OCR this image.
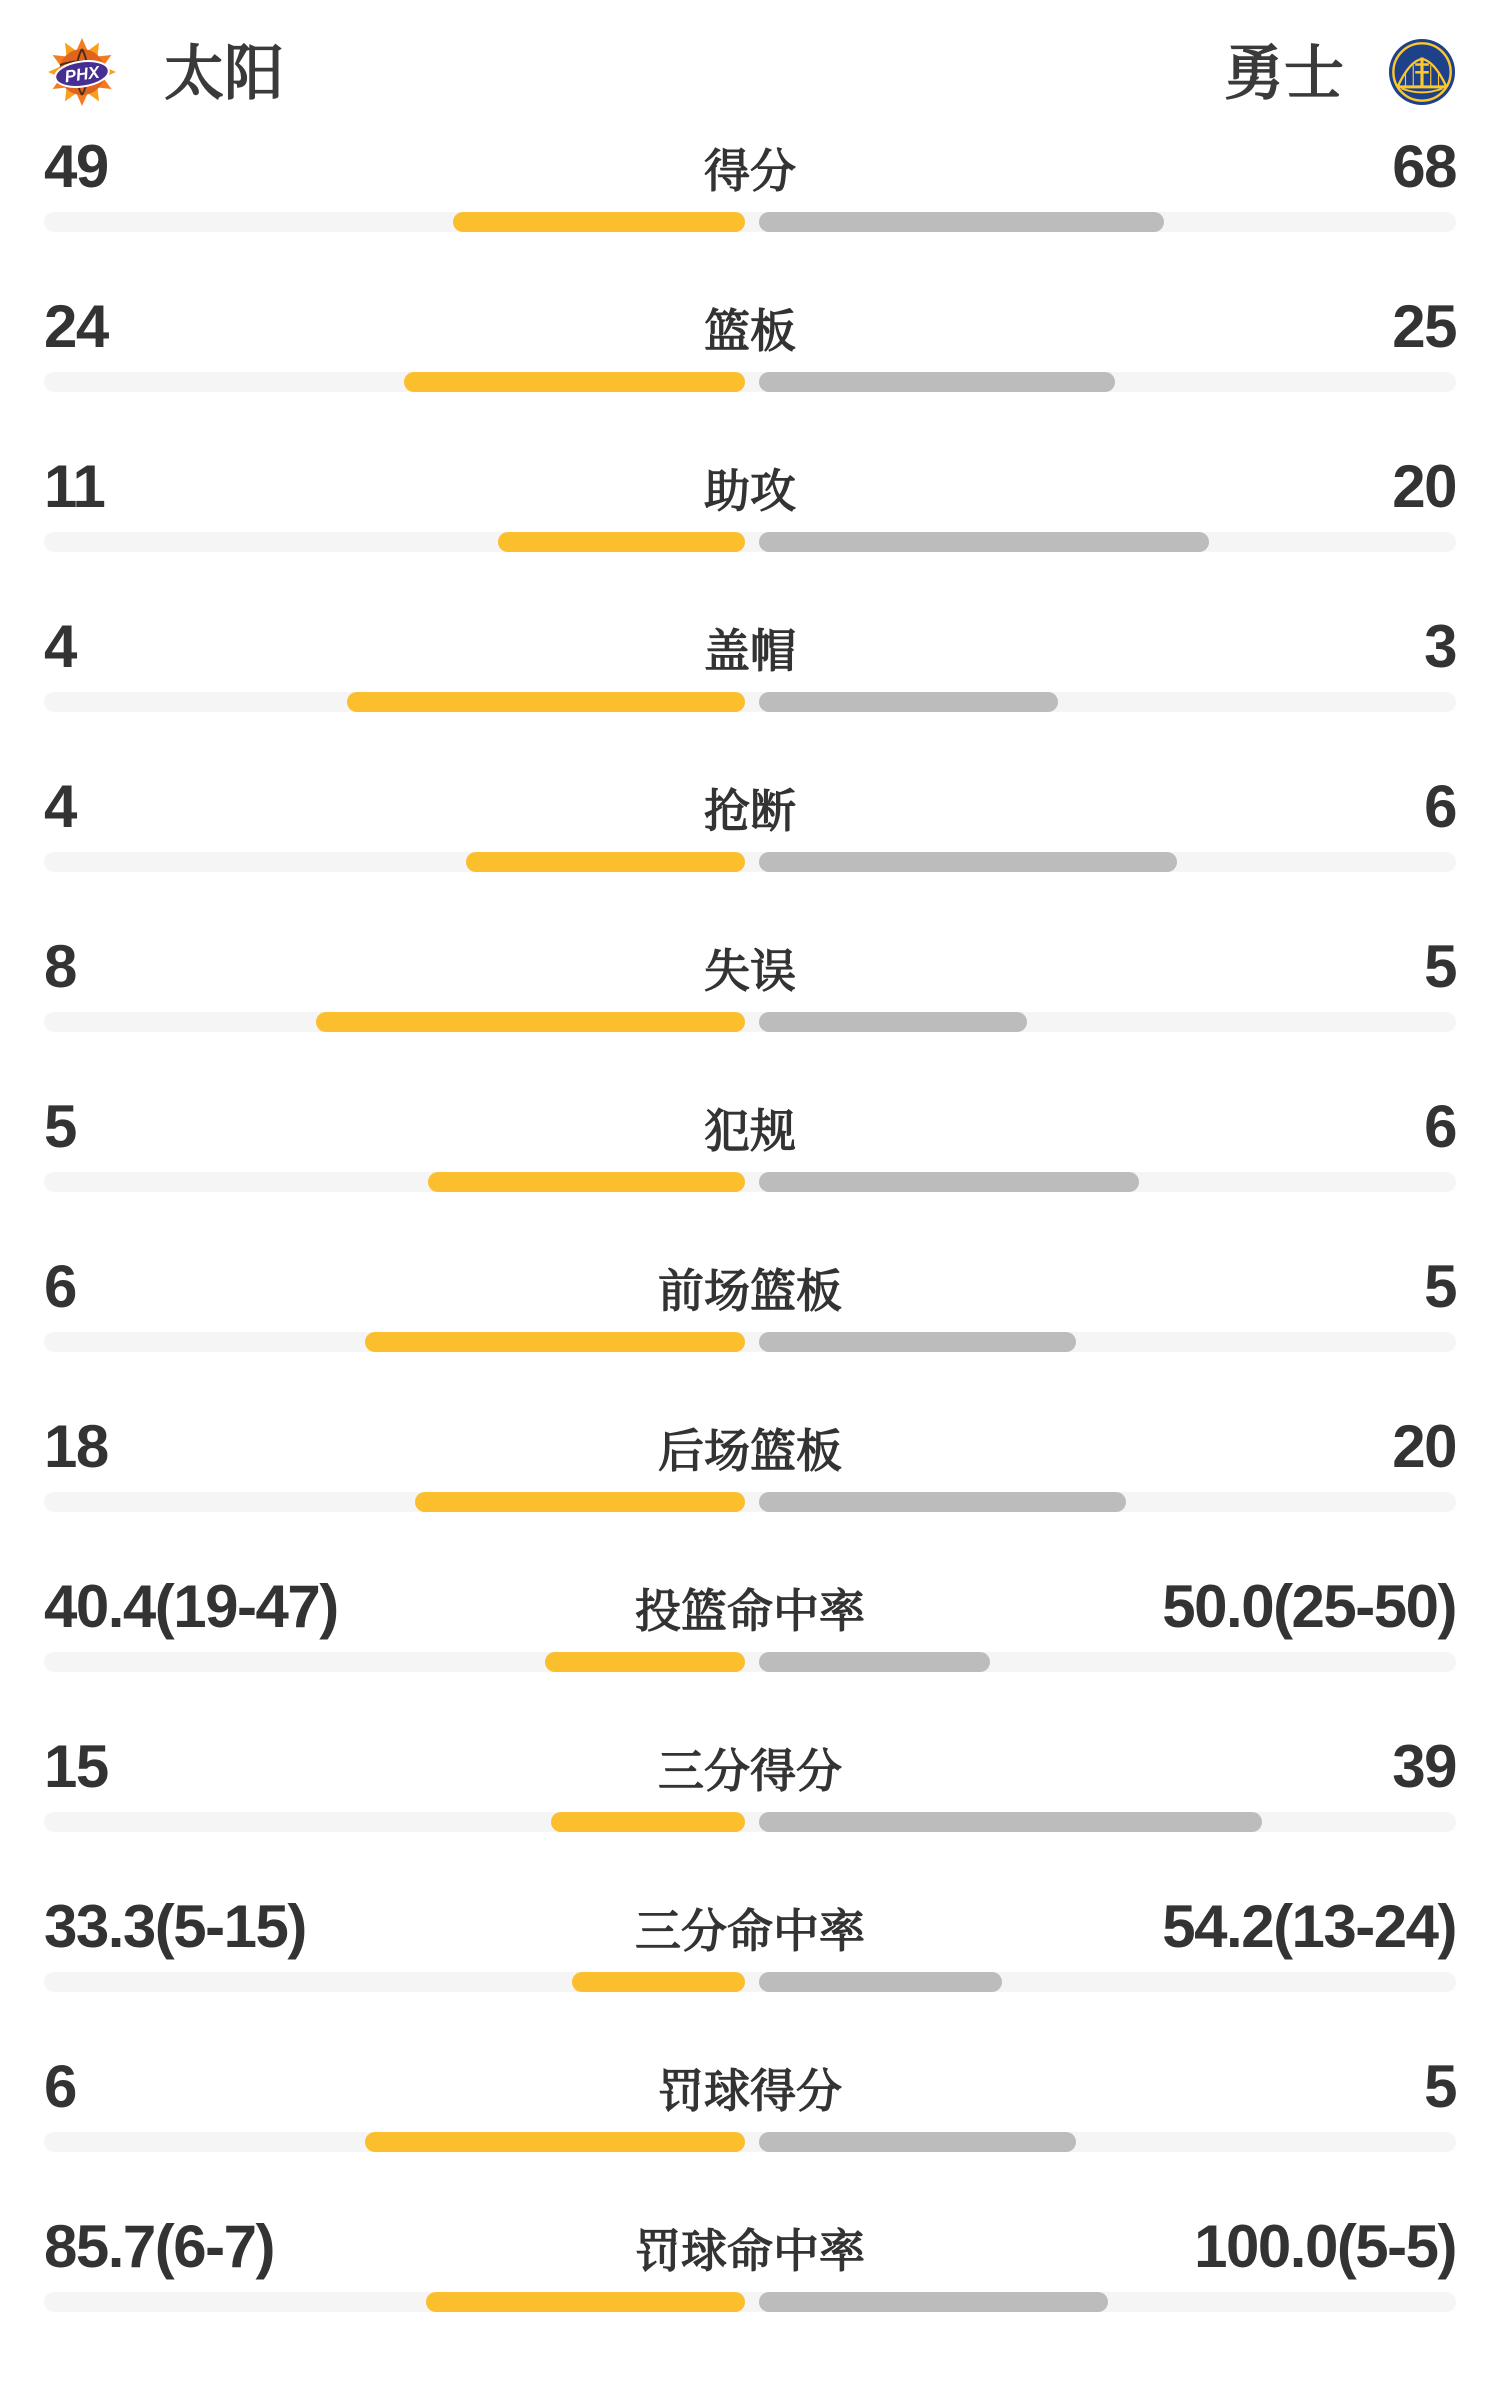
PHX 太阳	勇士
49	得分	68
24	篮板	25
11	助攻	20
4	盖帽	3
4	抢断	6
8	失误	5
5	犯规	6
6	前场篮板	5
18	后场篮板	20
40.4(19-47)	投篮命中率	50.0(25-50)
15	三分得分	39
33.3(5-15)	三分命中率	54.2(13-24)
6	罚球得分	5
85.7(6-7)	罚球命中率	100.0(5-5)
